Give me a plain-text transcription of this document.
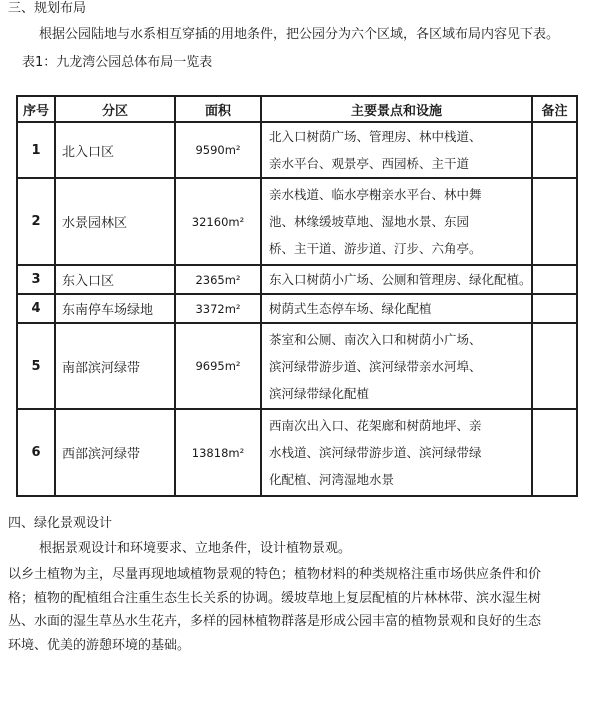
三、规划布局
根据公园陆地与水系相互穿插的用地条件，把公园分为六个区域，各区域布局内容见下表。
表1：九龙湾公园总体布局一览表
序号	分区	面积	主要景点和设施	备注
1	北入口区	9590m²	北入口树荫广场、管理房、林中栈道、
亲水平台、观景亭、西园桥、主干道	

2	水景园林区	32160m²	亲水栈道、临水亭榭亲水平台、林中舞
池、林缘缓坡草地、湿地水景、东园
桥、主干道、游步道、汀步、六角亭。	

3	东入口区	2365m²	东入口树荫小广场、公厕和管理房、绿化配植。	

4	东南停车场绿地	3372m²	树荫式生态停车场、绿化配植	

5	南部滨河绿带	9695m²	茶室和公厕、南次入口和树荫小广场、
滨河绿带游步道、滨河绿带亲水河埠、
滨河绿带绿化配植	

6	西部滨河绿带	13818m²	西南次出入口、花架廊和树荫地坪、亲
水栈道、滨河绿带游步道、滨河绿带绿
化配植、河湾湿地水景	

四、绿化景观设计
根据景观设计和环境要求、立地条件，设计植物景观。
以乡土植物为主，尽量再现地域植物景观的特色；植物材料的种类规格注重市场供应条件和价
格；植物的配植组合注重生态生长关系的协调。缓坡草地上复层配植的片林林带、滨水湿生树
丛、水面的湿生草丛水生花卉，多样的园林植物群落是形成公园丰富的植物景观和良好的生态
环境、优美的游憩环境的基础。
